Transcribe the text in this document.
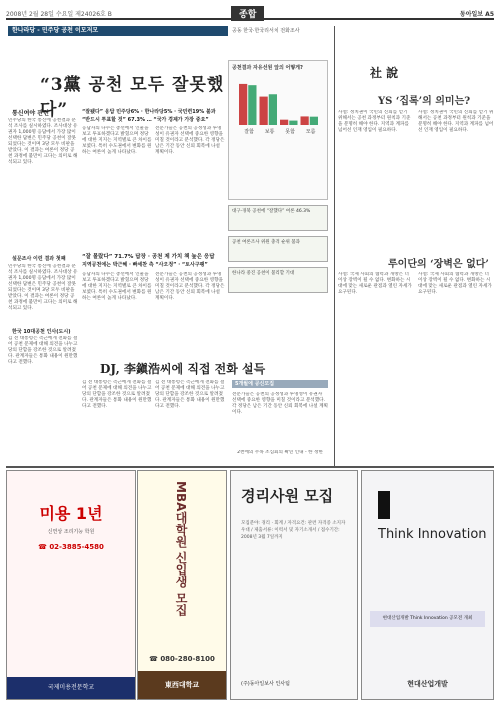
2008년 2월 28일 수요일 제24026호 B	종합	동아일보 A5
한나라당 - 민주당 공천 이모저모	공동 한국·한국리서치 전화조사
“3黨 공천 모두 잘못했다”
통신여야 관련
민주당의 한국 통신에 공천결과 분석 조사를 실시하였다. 조사대상 유권자 1,000명 응답에서 가장 많이 선택한 답변은 민주당 공천이 잘못되었다는 것이며 3당 모두 비판을 받았다. 이 결과는 여론이 정당 공천 과정에 불만이 크다는 의미로 해석되고 있다.
“잘됐다” 응답 민주당6% · 한나라당5% · 국민련19% 불과
“반드시 투표할 것” 67.3% … “국가 경제가 가장 중요”
응답자의 다수는 총선에서 인물을 보고 투표하겠다고 밝혔으며 정당에 대한 지지는 지역별로 큰 차이를 보였다. 특히 수도권에서 변화를 원하는 여론이 높게 나타났다.
전문가들은 공천의 공정성과 투명성이 유권자 선택에 중요한 영향을 미칠 것이라고 분석했다. 각 정당은 남은 기간 동안 신뢰 회복에 나설 계획이다.
설문조사 이런 결과 첫째
민주당의 한국 통신에 공천결과 분석 조사를 실시하였다. 조사대상 유권자 1,000명 응답에서 가장 많이 선택한 답변은 민주당 공천이 잘못되었다는 것이며 3당 모두 비판을 받았다. 이 결과는 여론이 정당 공천 과정에 불만이 크다는 의미로 해석되고 있다.
“잘 몰랐다” 71.7% 답장 · 공천 제 가치 책 높은 응답
지역공천에는 박근혜 · 빠세찬 측 “사오정” · “토사구팽”
응답자의 다수는 총선에서 인물을 보고 투표하겠다고 밝혔으며 정당에 대한 지지는 지역별로 큰 차이를 보였다. 특히 수도권에서 변화를 원하는 여론이 높게 나타났다.
전문가들은 공천의 공정성과 투명성이 유권자 선택에 중요한 영향을 미칠 것이라고 분석했다. 각 정당은 남은 기간 동안 신뢰 회복에 나설 계획이다.
공천결과 자유선원 앞의 어떻게?
잘함 보통 못함 모름
대구·경북 공천에 “잘했다” 여론 46.3%
공천 여론조사 위원 충격 순위 불과
한나라 중진 공천이 불리할 기대
社 說
YS ‘집록’의 의미는?
사설: 정치권이 국민의 신뢰를 얻기 위해서는 공천 과정부터 원칙과 기준을 분명히 해야 한다. 지역과 계파를 넘어선 인재 영입이 필요하다.
사설: 정치권이 국민의 신뢰를 얻기 위해서는 공천 과정부터 원칙과 기준을 분명히 해야 한다. 지역과 계파를 넘어선 인재 영입이 필요하다.
루이단의 ‘장벽은 없다’
사설: 국제 사회의 협력과 개방은 더 이상 장벽이 될 수 없다. 변화하는 시대에 맞는 새로운 관점과 열린 자세가 요구된다.
사설: 국제 사회의 협력과 개방은 더 이상 장벽이 될 수 없다. 변화하는 시대에 맞는 새로운 관점과 열린 자세가 요구된다.
한국 10대공천 인사(도시)
김 전 대통령은 측근에게 전화를 걸어 공천 문제에 대해 의견을 나누고 당의 단합을 강조한 것으로 알려졌다. 관계자들은 통화 내용이 원만했다고 전했다.	DJ, 李鎭浩씨에 직접 전화 설득
김 전 대통령은 측근에게 전화를 걸어 공천 문제에 대해 의견을 나누고 당의 단합을 강조한 것으로 알려졌다. 관계자들은 통화 내용이 원만했다고 전했다.
김 전 대통령은 측근에게 전화를 걸어 공천 문제에 대해 의견을 나누고 당의 단합을 강조한 것으로 알려졌다. 관계자들은 통화 내용이 원만했다고 전했다.
5개월에 공신모집
전문가들은 공천의 공정성과 투명성이 유권자 선택에 중요한 영향을 미칠 것이라고 분석했다. 각 정당은 남은 기간 동안 신뢰 회복에 나설 계획이다.
2천에의 주목 조심회의 확연 인내 - 한 정한
미용 1년
신연상 조리기능 학원
☎ 02-3885-4580
국제미용전문학교
MBA대학원 신입생 모집
☎ 080-280-8100
東西대학교
경리사원 모집
모집분야: 경리 · 회계 / 자격요건: 관련 자격증 소지자 우대 / 제출서류: 이력서 및 자기소개서 / 접수기간: 2008년 3월 7일까지
(주)동아일보사 인사팀
Think Innovation
현대산업개발 Think Innovation 공모전 개최
현대산업개발
